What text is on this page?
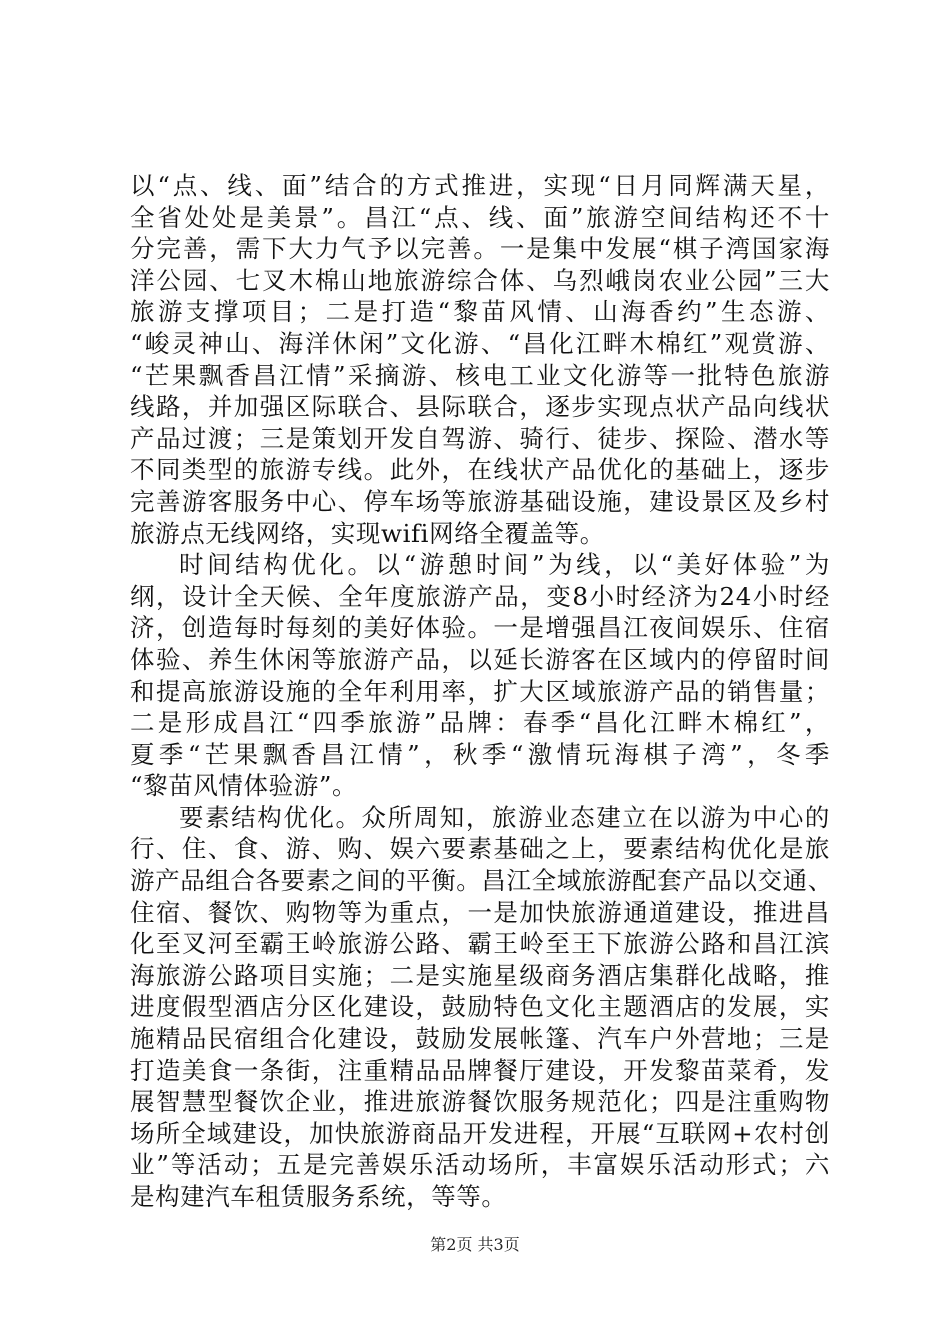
以“点、线、面”结合的方式推进，实现“日月同辉满天星，
全省处处是美景”。昌江“点、线、面”旅游空间结构还不十
分完善，需下大力气予以完善。一是集中发展“棋子湾国家海
洋公园、七叉木棉山地旅游综合体、乌烈峨岗农业公园”三大
旅游支撑项目；二是打造“黎苗风情、山海香约”生态游、
“峻灵神山、海洋休闲”文化游、“昌化江畔木棉红”观赏游、
“芒果飘香昌江情”采摘游、核电工业文化游等一批特色旅游
线路，并加强区际联合、县际联合，逐步实现点状产品向线状
产品过渡；三是策划开发自驾游、骑行、徒步、探险、潜水等
不同类型的旅游专线。此外，在线状产品优化的基础上，逐步
完善游客服务中心、停车场等旅游基础设施，建设景区及乡村
旅游点无线网络，实现wifi网络全覆盖等。
时间结构优化。以“游憩时间”为线，以“美好体验”为
纲，设计全天候、全年度旅游产品，变8小时经济为24小时经
济，创造每时每刻的美好体验。一是增强昌江夜间娱乐、住宿
体验、养生休闲等旅游产品，以延长游客在区域内的停留时间
和提高旅游设施的全年利用率，扩大区域旅游产品的销售量；
二是形成昌江“四季旅游”品牌：春季“昌化江畔木棉红”，
夏季“芒果飘香昌江情”，秋季“激情玩海棋子湾”，冬季
“黎苗风情体验游”。
要素结构优化。众所周知，旅游业态建立在以游为中心的
行、住、食、游、购、娱六要素基础之上，要素结构优化是旅
游产品组合各要素之间的平衡。昌江全域旅游配套产品以交通、
住宿、餐饮、购物等为重点，一是加快旅游通道建设，推进昌
化至叉河至霸王岭旅游公路、霸王岭至王下旅游公路和昌江滨
海旅游公路项目实施；二是实施星级商务酒店集群化战略，推
进度假型酒店分区化建设，鼓励特色文化主题酒店的发展，实
施精品民宿组合化建设，鼓励发展帐篷、汽车户外营地；三是
打造美食一条街，注重精品品牌餐厅建设，开发黎苗菜肴，发
展智慧型餐饮企业，推进旅游餐饮服务规范化；四是注重购物
场所全域建设，加快旅游商品开发进程，开展“互联网+农村创
业”等活动；五是完善娱乐活动场所，丰富娱乐活动形式；六
是构建汽车租赁服务系统，等等。
第2页 共3页
